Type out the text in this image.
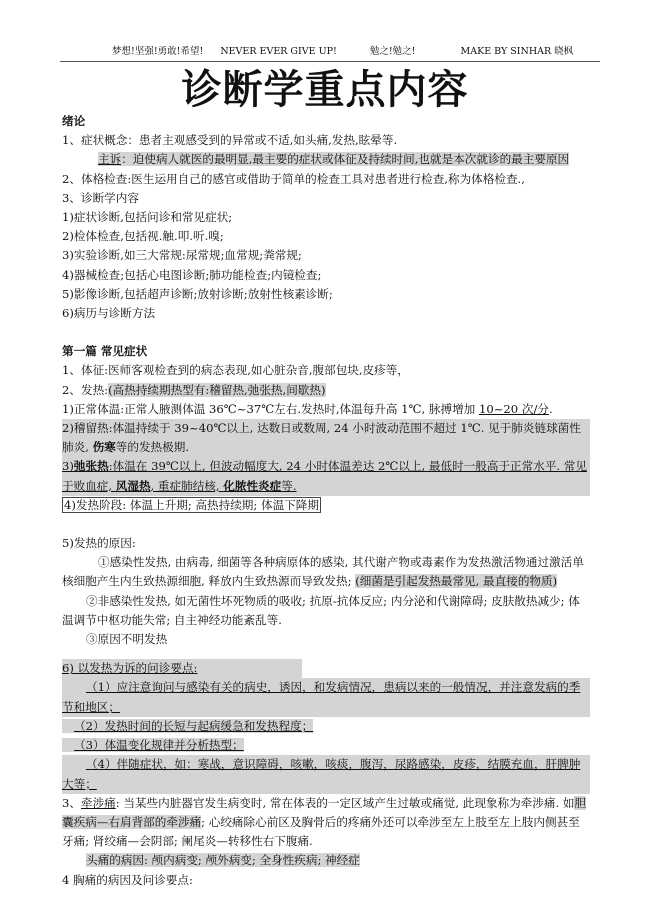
梦想!坚强!勇敢!希望! NEVER EVER GIVE UP!	勉之!勉之!	MAKE BY SINHAR 晓枫
诊断学重点内容

绪论

1、症状概念：患者主观感受到的异常或不适,如头痛,发热,眩晕等.

主诉：迫使病人就医的最明显,最主要的症状或体征及持续时间,也就是本次就诊的最主要原因

2、体格检查:医生运用自己的感官或借助于简单的检查工具对患者进行检查,称为体格检查.,

3、诊断学内容

1)症状诊断,包括问诊和常见症状;

2)检体检查,包括视.触.叩.听.嗅;

3)实验诊断,如三大常规:尿常规;血常规;粪常规;

4)器械检查;包括心电图诊断;肺功能检查;内镜检查;

5)影像诊断,包括超声诊断;放射诊断;放射性核素诊断;

6)病历与诊断方法

第一篇 常见症状

1、体征:医师客观检查到的病态表现,如心脏杂音,腹部包块,皮疹等，

2、发热:(高热持续期热型有:稽留热,弛张热,间歇热)

1)正常体温:正常人腋测体温 36℃~37℃左右.发热时,体温每升高 1℃, 脉搏增加 10~20 次/分.

2)稽留热:体温持续于 39~40℃以上, 达数日或数周, 24 小时波动范围不超过 1℃. 见于肺炎链球菌性肺炎, 伤寒等的发热极期.

3)弛张热:体温在 39℃以上, 但波动幅度大, 24 小时体温差达 2℃以上, 最低时一般高于正常水平. 常见于败血症, 风湿热, 重症肺结核, 化脓性炎症等.

4)发热阶段: 体温上升期; 高热持续期; 体温下降期

5)发热的原因:

①感染性发热, 由病毒, 细菌等各种病原体的感染, 其代谢产物或毒素作为发热激活物通过激活单核细胞产生内生致热源细胞, 释放内生致热源而导致发热; (细菌是引起发热最常见, 最直接的物质)

②非感染性发热, 如无菌性坏死物质的吸收; 抗原-抗体反应; 内分泌和代谢障碍; 皮肤散热减少; 体温调节中枢功能失常; 自主神经功能紊乱等.

③原因不明发热

6) 以发热为诉的问诊要点:

（1）应注意询问与感染有关的病史，诱因，和发病情况，患病以来的一般情况，并注意发病的季节和地区；

（2）发热时间的长短与起病缓急和发热程度；

（3）体温变化规律并分析热型；

（4）伴随症状，如：寒战，意识障碍，咳嗽，咳痰，腹泻，尿路感染，皮疹，结膜充血，肝脾肿大等；

3、牵涉痛: 当某些内脏器官发生病变时, 常在体表的一定区域产生过敏或痛觉, 此现象称为牵涉痛. 如胆囊疾病—右肩背部的牵涉痛; 心绞痛除心前区及胸骨后的疼痛外还可以牵涉至左上肢至左上肢内侧甚至牙痛; 肾绞痛—会阴部; 阑尾炎—转移性右下腹痛.

头痛的病因: 颅内病变; 颅外病变; 全身性疾病; 神经症

4 胸痛的病因及问诊要点:
